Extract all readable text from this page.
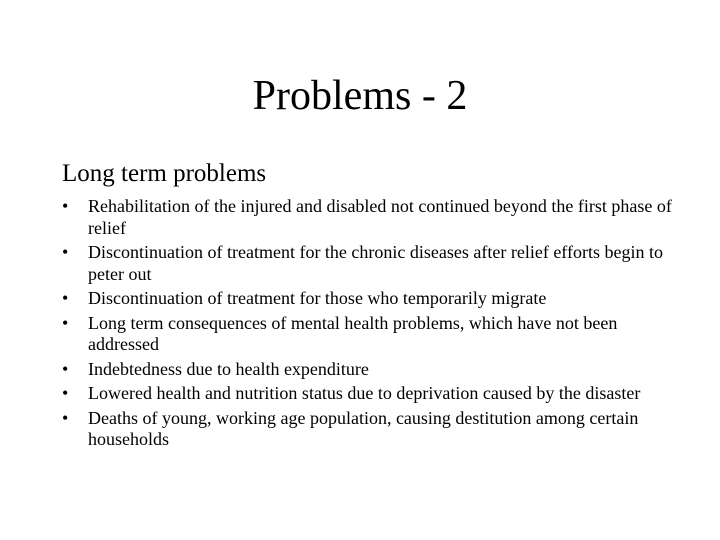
Problems - 2
Long term problems
•	Rehabilitation of the injured and disabled not continued beyond the first phase of relief
•	Discontinuation of treatment for the chronic diseases after relief efforts begin to peter out
•	Discontinuation of treatment for those who temporarily migrate
•	Long term consequences of mental health problems, which have not been addressed
•	Indebtedness due to health expenditure
•	Lowered health and nutrition status due to deprivation caused by the disaster
•	Deaths of young, working age population, causing destitution among certain households
